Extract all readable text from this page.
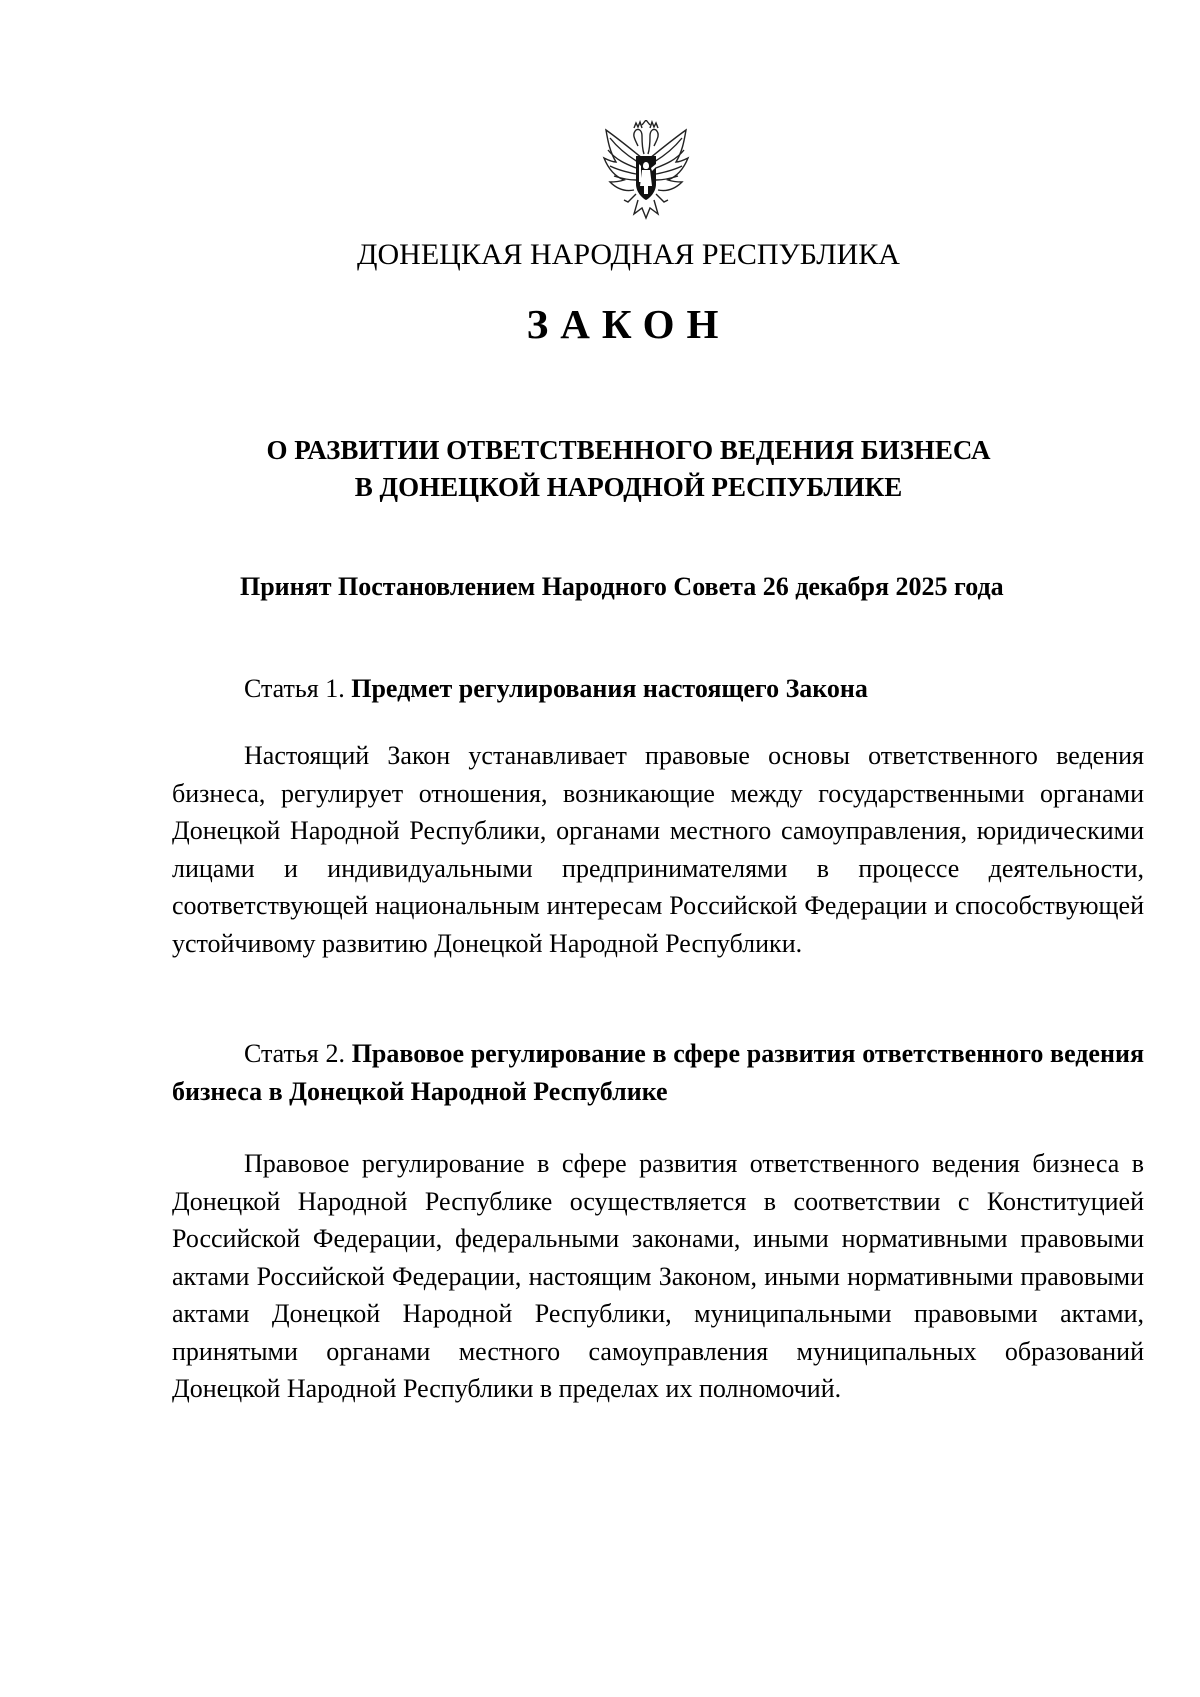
ДОНЕЦКАЯ НАРОДНАЯ РЕСПУБЛИКА
ЗАКОН
О РАЗВИТИИ ОТВЕТСТВЕННОГО ВЕДЕНИЯ БИЗНЕСА
В ДОНЕЦКОЙ НАРОДНОЙ РЕСПУБЛИКЕ
Принят Постановлением Народного Совета 26 декабря 2025 года
Статья 1. Предмет регулирования настоящего Закона

Настоящий Закон устанавливает правовые основы ответственного ведения бизнеса, регулирует отношения, возникающие между государственными органами Донецкой Народной Республики, органами местного самоуправления, юридическими лицами и индивидуальными предпринимателями в процессе деятельности, соответствующей национальным интересам Российской Федерации и способствующей устойчивому развитию Донецкой Народной Республики.

Статья 2. Правовое регулирование в сфере развития ответственного ведения бизнеса в Донецкой Народной Республике

Правовое регулирование в сфере развития ответственного ведения бизнеса в Донецкой Народной Республике осуществляется в соответствии с Конституцией Российской Федерации, федеральными законами, иными нормативными правовыми актами Российской Федерации, настоящим Законом, иными нормативными правовыми актами Донецкой Народной Республики, муниципальными правовыми актами, принятыми органами местного самоуправления муниципальных образований Донецкой Народной Республики в пределах их полномочий.
